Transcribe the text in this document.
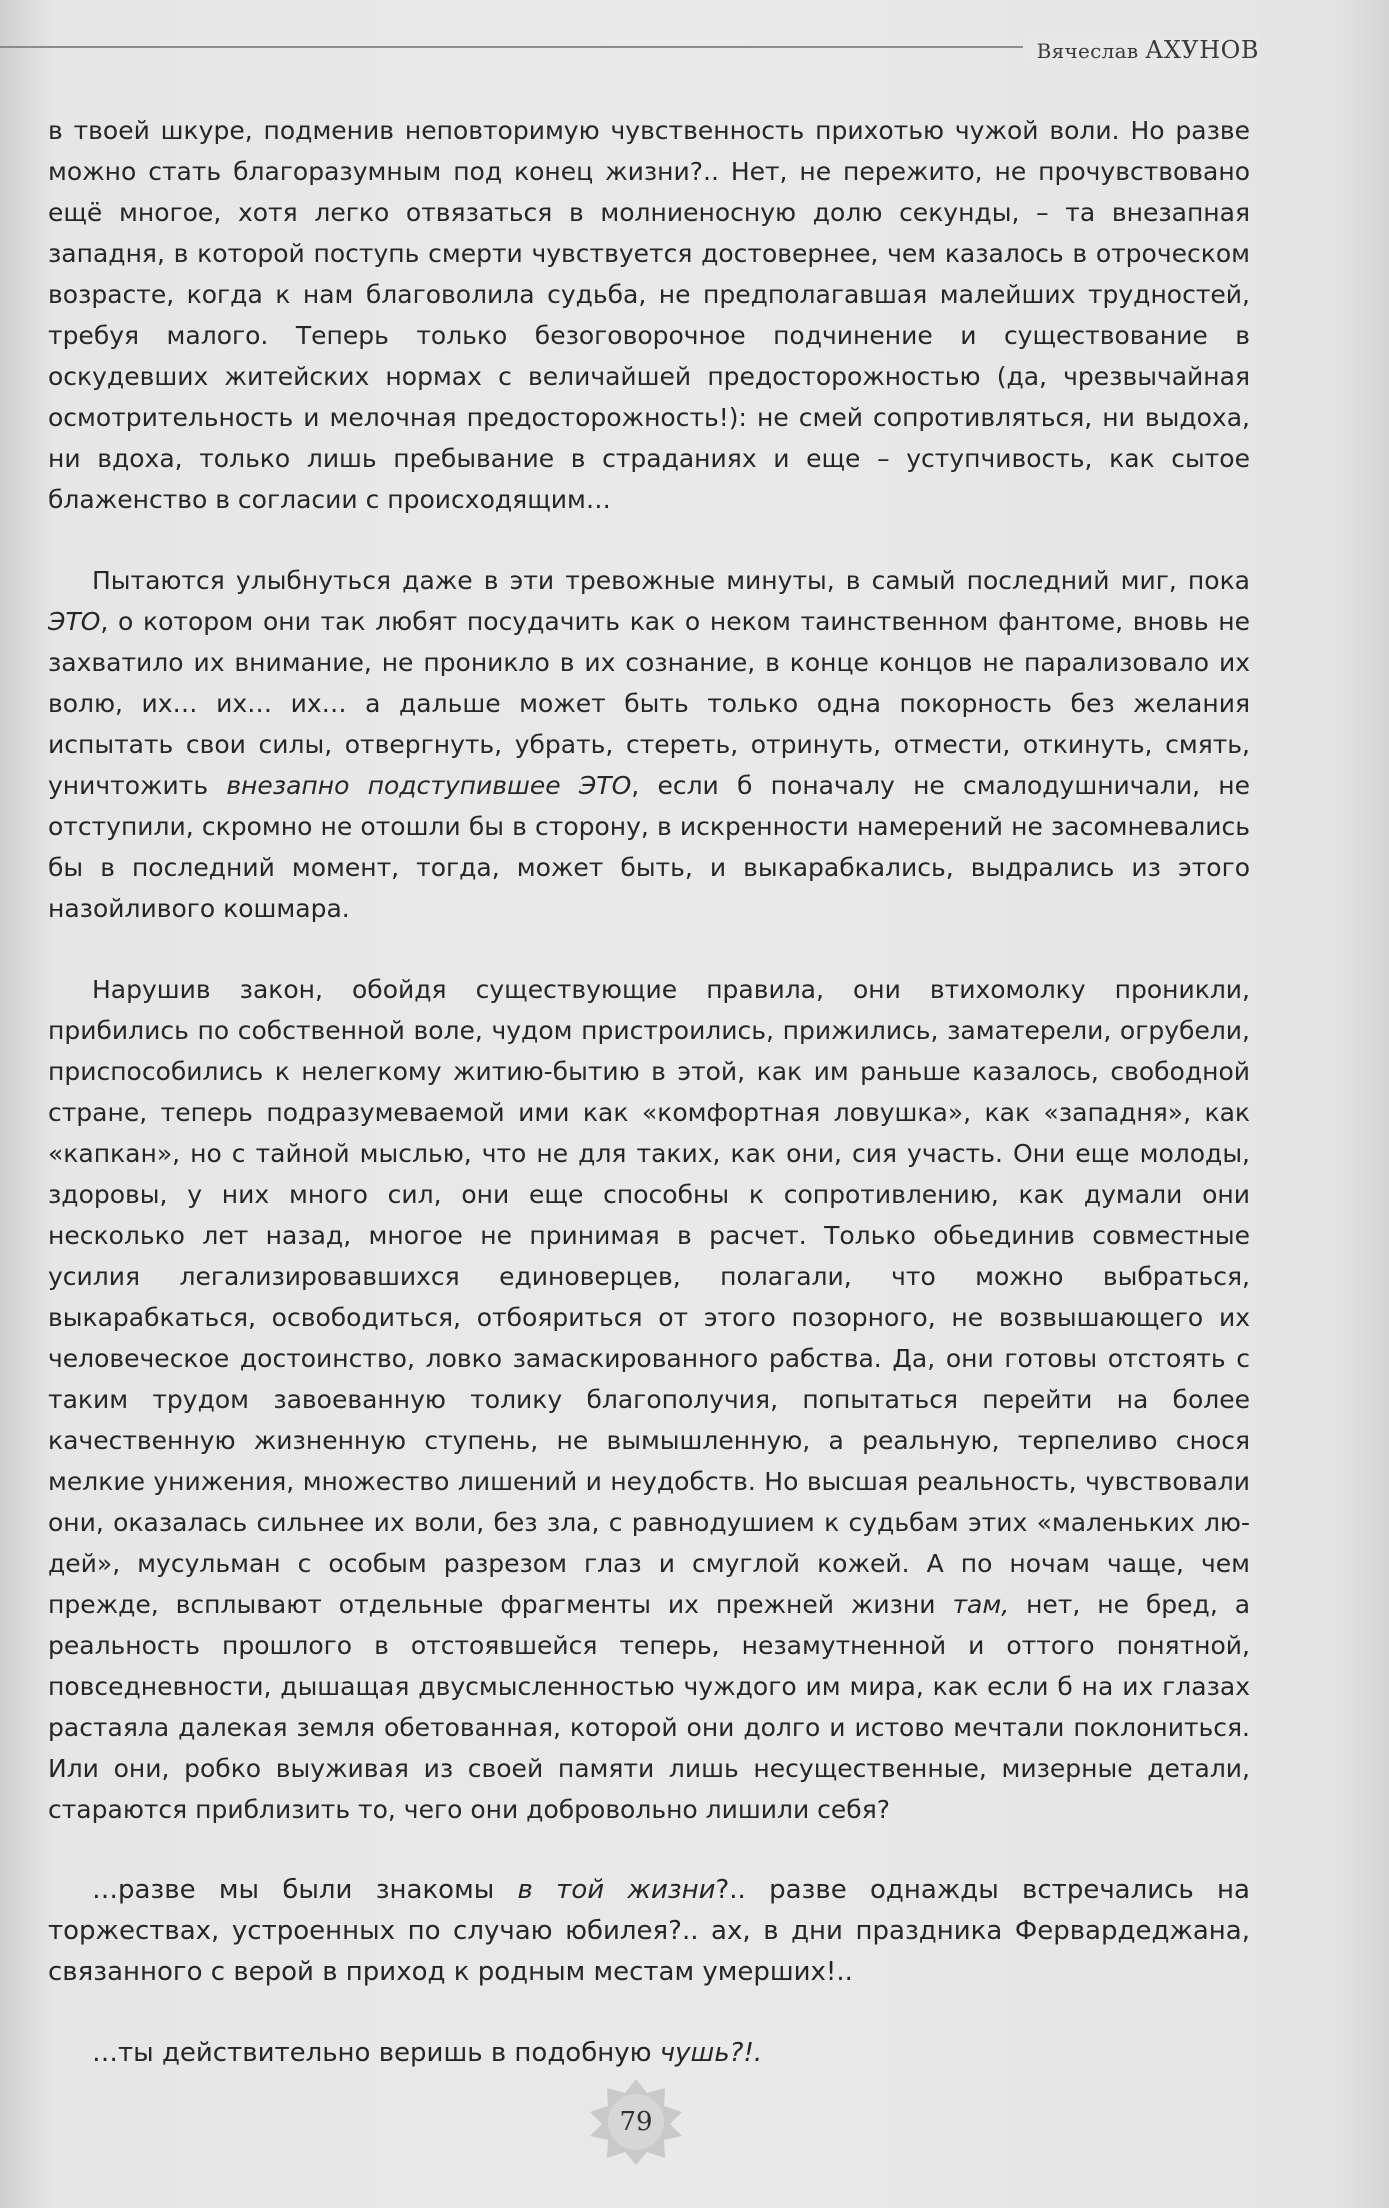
Вячеслав АХУНОВ

в твоей шкуре, подменив неповторимую чувственность прихотью чужой воли. Но разве можно стать благоразумным под конец жизни?.. Нет, не пережито, не прочувствовано ещё многое, хотя легко отвязаться в молниеносную долю секунды, – та внезапная западня, в которой поступь смерти чувствуется достовернее, чем казалось в отроческом возрасте, когда к нам благоволила судьба, не предполагавшая малейших трудностей, требуя малого. Теперь только безоговорочное подчинение и существование в оскудевших житейских нормах с величайшей предосторожностью (да, чрезвычайная осмотрительность и мелочная предосторожность!): не смей сопротивляться, ни выдоха, ни вдоха, только лишь пребывание в страданиях и еще – уступчивость, как сытое блаженство в согласии с происходящим…

Пытаются улыбнуться даже в эти тревожные минуты, в самый последний миг, пока ЭТО, о котором они так любят посудачить как о неком таинственном фантоме, вновь не захватило их внимание, не проникло в их сознание, в конце концов не парализовало их волю, их… их… их… а дальше может быть только одна покорность без желания испытать свои силы, отвергнуть, убрать, стереть, отринуть, отмести, откинуть, смять, уничтожить внезапно подступившее ЭТО, если б поначалу не смалодушничали, не отступили, скромно не отошли бы в сторону, в искренности намерений не засомневались бы в последний момент, тогда, может быть, и выкарабкались, выдрались из этого назойливого кошмара.

Нарушив закон, обойдя существующие правила, они втихомолку проникли, прибились по собственной воле, чудом пристроились, прижились, заматерели, огрубели, приспособились к нелегкому житию-бытию в этой, как им раньше казалось, свободной стране, теперь подразумеваемой ими как «комфортная ловушка», как «западня», как «капкан», но с тайной мыслью, что не для таких, как они, сия участь. Они еще молоды, здоровы, у них много сил, они еще способны к сопротивлению, как думали они несколько лет назад, многое не принимая в расчет. Только обьединив совместные усилия легализировавшихся единоверцев, полагали, что можно выбраться, выкарабкаться, освободиться, отбояриться от этого позорного, не возвышающего их человеческое достоинство, ловко замаскированного рабства. Да, они готовы отстоять с таким трудом завоеванную толику благополучия, попытаться перейти на более качественную жизненную ступень, не вымышленную, а реальную, терпеливо снося мелкие унижения, множество лишений и неудобств. Но высшая реальность, чувствовали они, оказалась сильнее их воли, без зла, с равнодушием к судьбам этих «маленьких людей», мусульман с особым разрезом глаз и смуглой кожей. А по ночам чаще, чем прежде, всплывают отдельные фрагменты их прежней жизни там, нет, не бред, а реальность прошлого в отстоявшейся теперь, незамутненной и оттого понятной, повседневности, дышащая двусмысленностью чуждого им мира, как если б на их глазах растаяла далекая земля обетованная, которой они долго и истово мечтали поклониться. Или они, робко выуживая из своей памяти лишь несущественные, мизерные детали, стараются приблизить то, чего они добровольно лишили себя?

…разве мы были знакомы в той жизни?.. разве однажды встречались на торжествах, устроенных по случаю юбилея?.. ах, в дни праздника Фервардеджана, связанного с верой в приход к родным местам умерших!..

…ты действительно веришь в подобную чушь?!.

79
